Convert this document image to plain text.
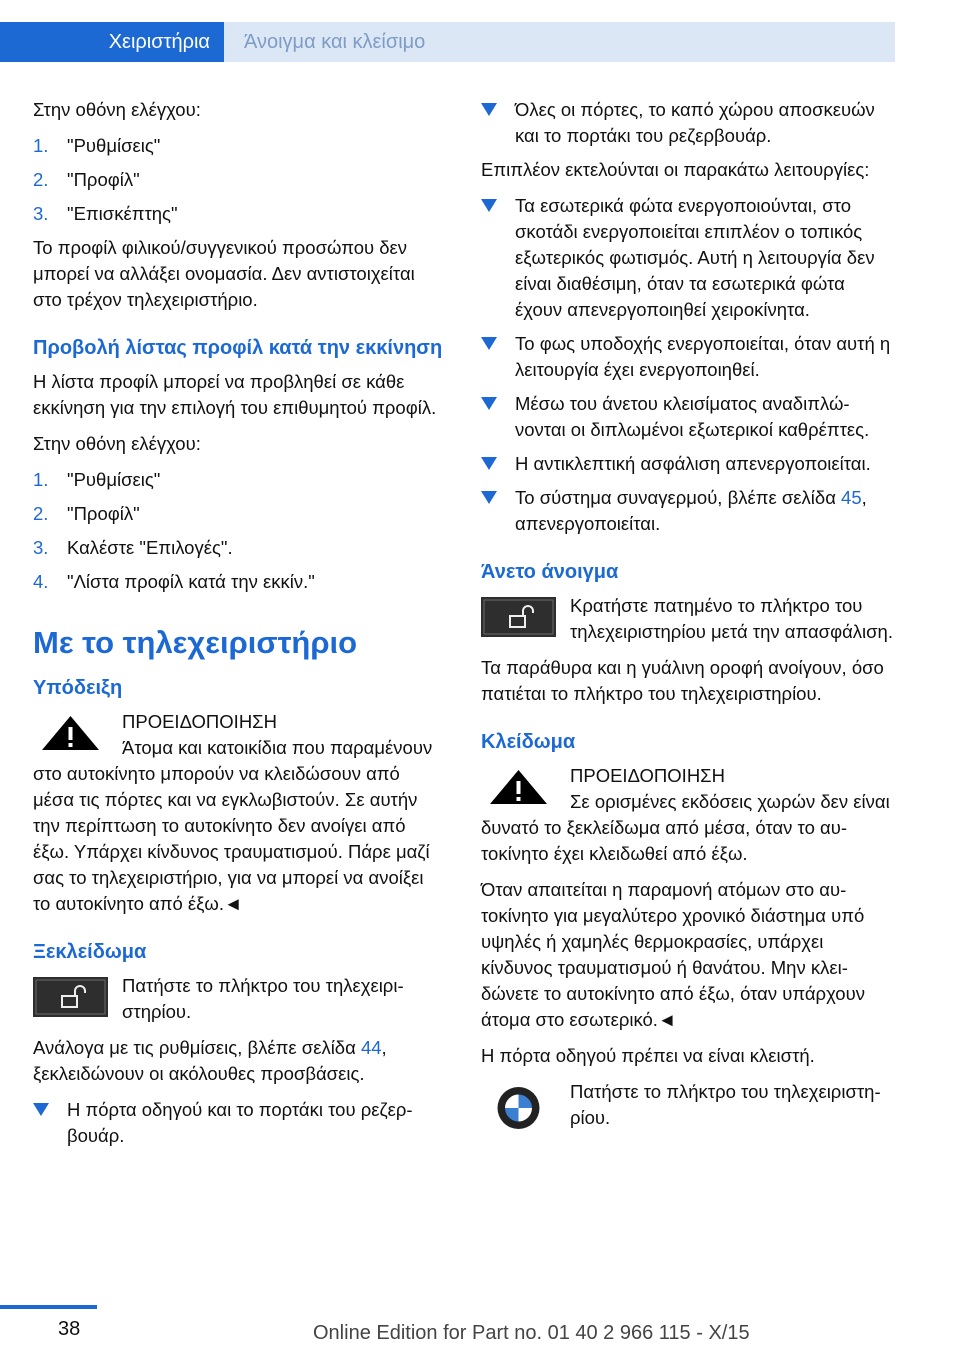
Χειριστήρια	Άνοιγμα και κλείσιμο

Στην οθόνη ελέγχου:

1. "Ρυθμίσεις"
2. "Προφίλ"
3. "Επισκέπτης"

Το προφίλ φιλικού/συγγενικού προσώπου δεν μπορεί να αλλάξει ονομασία. Δεν αντιστοιχείται στο τρέχον τηλεχειριστήριο.

Προβολή λίστας προφίλ κατά την εκκίνηση

Η λίστα προφίλ μπορεί να προβληθεί σε κάθε εκκίνηση για την επιλογή του επιθυμητού προφίλ.

Στην οθόνη ελέγχου:

1. "Ρυθμίσεις"
2. "Προφίλ"
3. Καλέστε "Επιλογές".
4. "Λίστα προφίλ κατά την εκκίν."
Με το τηλεχειριστήριο
Υπόδειξη
ΠΡΟΕΙΔΟΠΟΙΗΣΗ

Άτομα και κατοικίδια που παραμένουν στο αυτοκίνητο μπορούν να κλειδώσουν από μέσα τις πόρτες και να εγκλωβιστούν. Σε αυτήν την περίπτωση το αυτοκίνητο δεν ανοίγει από έξω. Υπάρχει κίνδυνος τραυματισμού. Πάρε μαζί σας το τηλεχειριστήριο, για να μπορεί να ανοίξει το αυτοκίνητο από έξω.◄

Ξεκλείδωμα

Πατήστε το πλήκτρο του τηλεχειριστηρίου.

Ανάλογα με τις ρυθμίσεις, βλέπε σελίδα 44, ξεκλειδώνουν οι ακόλουθες προσβάσεις.

Η πόρτα οδηγού και το πορτάκι του ρεζερβουάρ.
Όλες οι πόρτες, το καπό χώρου αποσκευών και το πορτάκι του ρεζερβουάρ.

Επιπλέον εκτελούνται οι παρακάτω λειτουργίες:

Τα εσωτερικά φώτα ενεργοποιούνται, στο σκοτάδι ενεργοποιείται επιπλέον ο τοπικός εξωτερικός φωτισμός. Αυτή η λειτουργία δεν είναι διαθέσιμη, όταν τα εσωτερικά φώτα έχουν απενεργοποιηθεί χειροκίνητα.
Το φως υποδοχής ενεργοποιείται, όταν αυτή η λειτουργία έχει ενεργοποιηθεί.
Μέσω του άνετου κλεισίματος αναδιπλώνονται οι διπλωμένοι εξωτερικοί καθρέπτες.
Η αντικλεπτική ασφάλιση απενεργοποιείται.
Το σύστημα συναγερμού, βλέπε σελίδα 45, απενεργοποιείται.
Άνετο άνοιγμα

Κρατήστε πατημένο το πλήκτρο του τηλεχειριστηρίου μετά την απασφάλιση.

Τα παράθυρα και η γυάλινη οροφή ανοίγουν, όσο πατιέται το πλήκτρο του τηλεχειριστηρίου.

Κλείδωμα
ΠΡΟΕΙΔΟΠΟΙΗΣΗ

Σε ορισμένες εκδόσεις χωρών δεν είναι δυνατό το ξεκλείδωμα από μέσα, όταν το αυτοκίνητο έχει κλειδωθεί από έξω.

Όταν απαιτείται η παραμονή ατόμων στο αυτοκίνητο για μεγαλύτερο χρονικό διάστημα υπό υψηλές ή χαμηλές θερμοκρασίες, υπάρχει κίνδυνος τραυματισμού ή θανάτου. Μην κλειδώνετε το αυτοκίνητο από έξω, όταν υπάρχουν άτομα στο εσωτερικό.◄

Η πόρτα οδηγού πρέπει να είναι κλειστή.

Πατήστε το πλήκτρο του τηλεχειριστηρίου.

38	Online Edition for Part no. 01 40 2 966 115 - X/15
